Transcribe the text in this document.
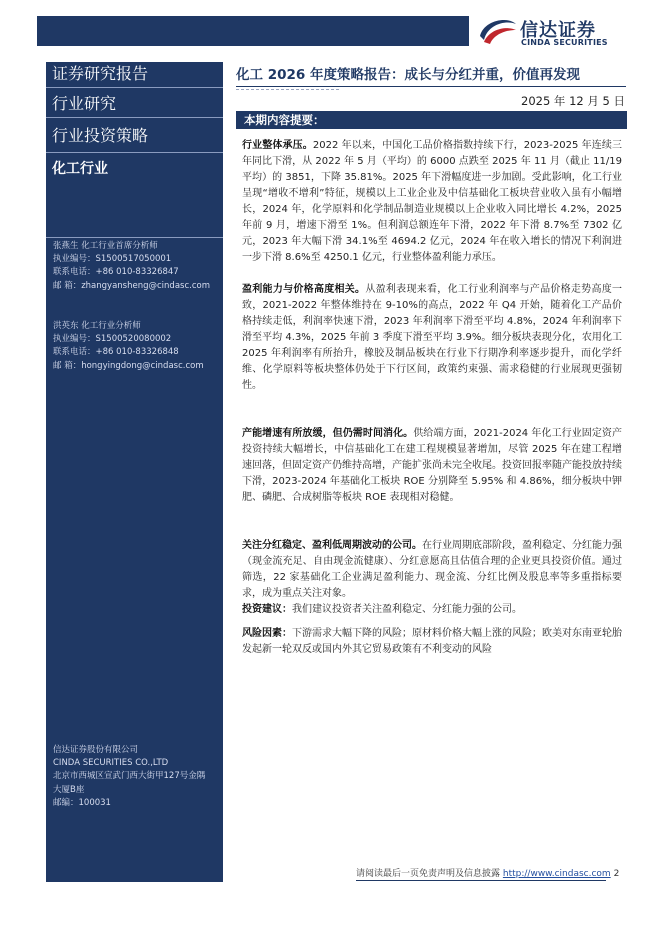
信达证券
CINDA SECURITIES
证券研究报告
行业研究
行业投资策略
化工行业
张燕生 化工行业首席分析师
执业编号：S1500517050001
联系电话：+86 010-83326847
邮 箱：zhangyansheng@cindasc.com
洪英东 化工行业分析师
执业编号：S1500520080002
联系电话：+86 010-83326848
邮 箱：hongyingdong@cindasc.com
信达证券股份有限公司
CINDA SECURITIES CO.,LTD
北京市西城区宣武门西大街甲127号金隅
大厦B座
邮编：100031
化工 2026 年度策略报告：成长与分红并重，价值再发现
2025 年 12 月 5 日
本期内容提要：
行业整体承压。2022 年以来，中国化工品价格指数持续下行，2023-2025 年连续三年同比下滑，从 2022 年 5 月（平均）的 6000 点跌至 2025 年 11 月（截止 11/19 平均）的 3851，下降 35.81%。2025 年下滑幅度进一步加剧。受此影响，化工行业呈现“增收不增利”特征，规模以上工业企业及中信基础化工板块营业收入虽有小幅增长，2024 年，化学原料和化学制品制造业规模以上企业收入同比增长 4.2%，2025 年前 9 月，增速下滑至 1%。但利润总额连年下滑，2022 年下滑 8.7%至 7302 亿元，2023 年大幅下滑 34.1%至 4694.2 亿元，2024 年在收入增长的情况下利润进一步下滑 8.6%至 4250.1 亿元，行业整体盈利能力承压。
盈利能力与价格高度相关。从盈利表现来看，化工行业利润率与产品价格走势高度一致，2021-2022 年整体维持在 9-10%的高点，2022 年 Q4 开始，随着化工产品价格持续走低，利润率快速下滑，2023 年利润率下滑至平均 4.8%，2024 年利润率下滑至平均 4.3%，2025 年前 3 季度下滑至平均 3.9%。细分板块表现分化，农用化工 2025 年利润率有所抬升，橡胶及制品板块在行业下行期净利率逐步提升，而化学纤维、化学原料等板块整体仍处于下行区间，政策约束强、需求稳健的行业展现更强韧性。
产能增速有所放缓，但仍需时间消化。供给端方面，2021-2024 年化工行业固定资产投资持续大幅增长，中信基础化工在建工程规模显著增加，尽管 2025 年在建工程增速回落，但固定资产仍维持高增，产能扩张尚未完全收尾。投资回报率随产能投放持续下滑，2023-2024 年基础化工板块 ROE 分别降至 5.95% 和 4.86%，细分板块中钾肥、磷肥、合成树脂等板块 ROE 表现相对稳健。
关注分红稳定、盈利低周期波动的公司。在行业周期底部阶段，盈利稳定、分红能力强（现金流充足、自由现金流健康）、分红意愿高且估值合理的企业更具投资价值。通过筛选，22 家基础化工企业满足盈利能力、现金流、分红比例及股息率等多重指标要求，成为重点关注对象。
投资建议：我们建议投资者关注盈利稳定、分红能力强的公司。
风险因素：下游需求大幅下降的风险；原材料价格大幅上涨的风险；欧美对东南亚轮胎发起新一轮双反或国内外其它贸易政策有不利变动的风险
请阅读最后一页免责声明及信息披露 http://www.cindasc.com 2
